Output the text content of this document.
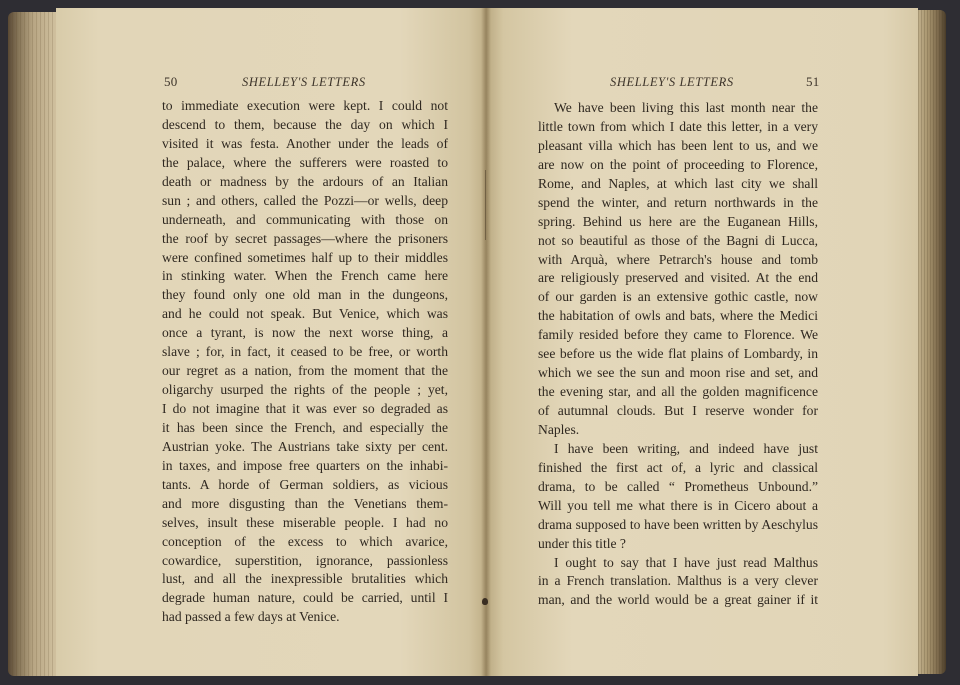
50	SHELLEY'S LETTERS
to immediate execution were kept. I could not
descend to them, because the day on which I
visited it was festa. Another under the leads of
the palace, where the sufferers were roasted to
death or madness by the ardours of an Italian
sun ; and others, called the Pozzi—or wells, deep
underneath, and communicating with those on
the roof by secret passages—where the prisoners
were confined sometimes half up to their middles
in stinking water. When the French came here
they found only one old man in the dungeons,
and he could not speak. But Venice, which was
once a tyrant, is now the next worse thing, a
slave ; for, in fact, it ceased to be free, or worth
our regret as a nation, from the moment that the
oligarchy usurped the rights of the people ; yet,
I do not imagine that it was ever so degraded as
it has been since the French, and especially the
Austrian yoke. The Austrians take sixty per cent.
in taxes, and impose free quarters on the inhabi-
tants. A horde of German soldiers, as vicious
and more disgusting than the Venetians them-
selves, insult these miserable people. I had no
conception of the excess to which avarice,
cowardice, superstition, ignorance, passionless
lust, and all the inexpressible brutalities which
degrade human nature, could be carried, until I
had passed a few days at Venice.
SHELLEY'S LETTERS	51
We have been living this last month near the
little town from which I date this letter, in a very
pleasant villa which has been lent to us, and we
are now on the point of proceeding to Florence,
Rome, and Naples, at which last city we shall
spend the winter, and return northwards in the
spring. Behind us here are the Euganean Hills,
not so beautiful as those of the Bagni di Lucca,
with Arquà, where Petrarch's house and tomb
are religiously preserved and visited. At the end
of our garden is an extensive gothic castle, now
the habitation of owls and bats, where the Medici
family resided before they came to Florence. We
see before us the wide flat plains of Lombardy, in
which we see the sun and moon rise and set, and
the evening star, and all the golden magnificence
of autumnal clouds. But I reserve wonder for
Naples.
I have been writing, and indeed have just
finished the first act of, a lyric and classical
drama, to be called “ Prometheus Unbound.”
Will you tell me what there is in Cicero about a
drama supposed to have been written by Aeschylus
under this title ?
I ought to say that I have just read Malthus
in a French translation. Malthus is a very clever
man, and the world would be a great gainer if it
